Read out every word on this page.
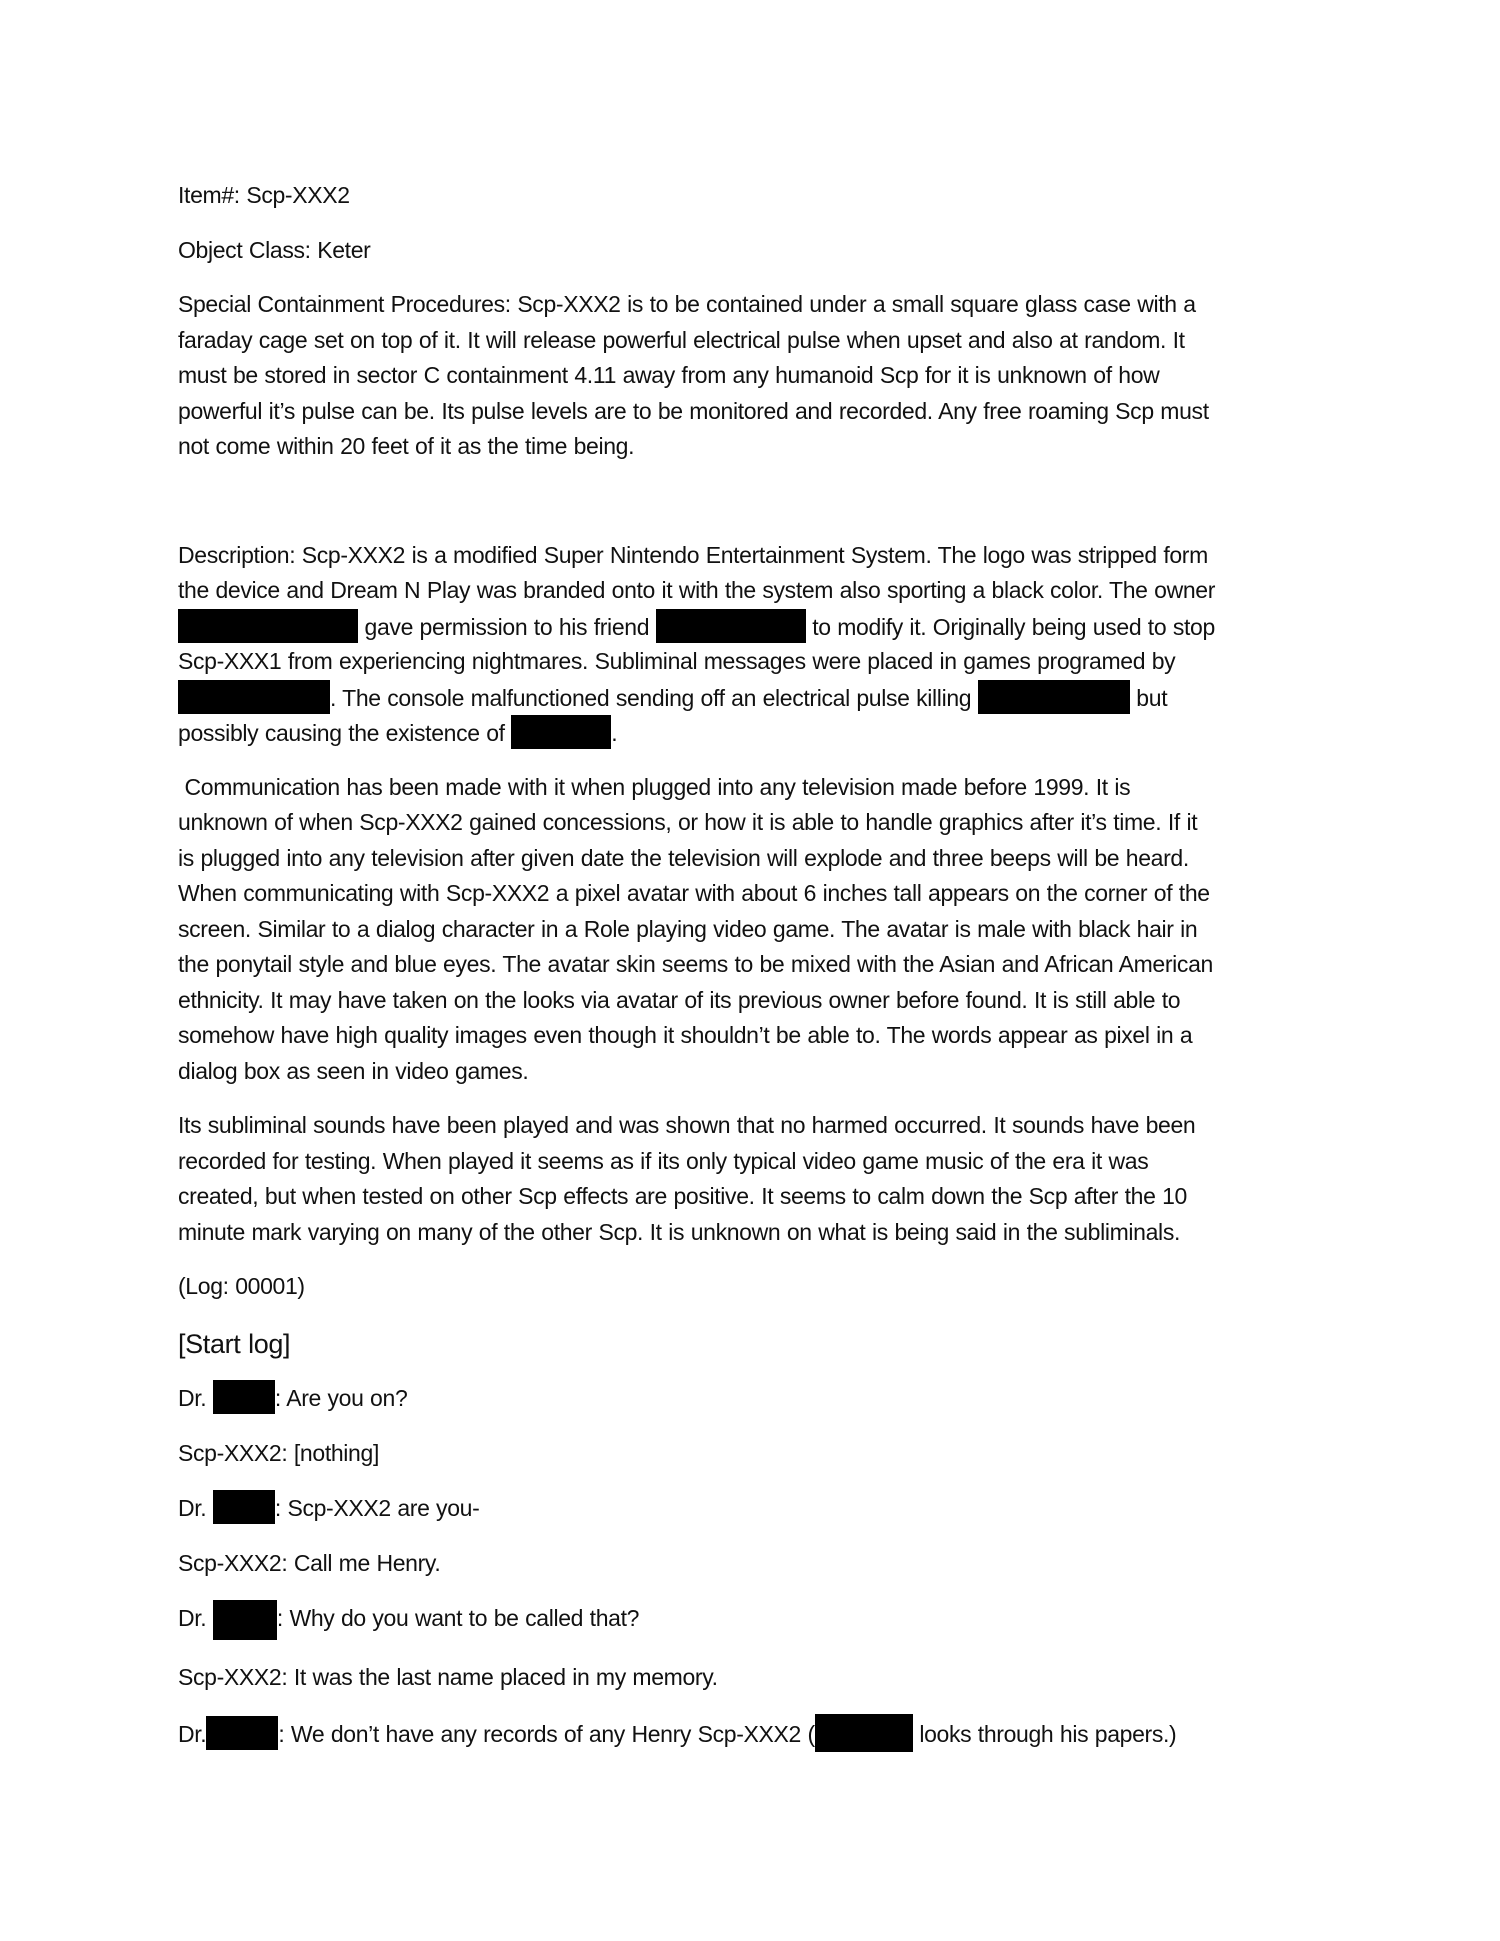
Item#: Scp-XXX2

Object Class: Keter

Special Containment Procedures: Scp-XXX2 is to be contained under a small square glass case with a
faraday cage set on top of it. It will release powerful electrical pulse when upset and also at random. It
must be stored in sector C containment 4.11 away from any humanoid Scp for it is unknown of how
powerful it’s pulse can be. Its pulse levels are to be monitored and recorded. Any free roaming Scp must
not come within 20 feet of it as the time being.

Description: Scp-XXX2 is a modified Super Nintendo Entertainment System. The logo was stripped form
the device and Dream N Play was branded onto it with the system also sporting a black color. The owner
gave permission to his friend	to modify it. Originally being used to stop
Scp-XXX1 from experiencing nightmares. Subliminal messages were placed in games programed by
. The console malfunctioned sending off an electrical pulse killing	but
possibly causing the existence of	.

Communication has been made with it when plugged into any television made before 1999. It is
unknown of when Scp-XXX2 gained concessions, or how it is able to handle graphics after it’s time. If it
is plugged into any television after given date the television will explode and three beeps will be heard.
When communicating with Scp-XXX2 a pixel avatar with about 6 inches tall appears on the corner of the
screen. Similar to a dialog character in a Role playing video game. The avatar is male with black hair in
the ponytail style and blue eyes. The avatar skin seems to be mixed with the Asian and African American
ethnicity. It may have taken on the looks via avatar of its previous owner before found. It is still able to
somehow have high quality images even though it shouldn’t be able to. The words appear as pixel in a
dialog box as seen in video games.

Its subliminal sounds have been played and was shown that no harmed occurred. It sounds have been
recorded for testing. When played it seems as if its only typical video game music of the era it was
created, but when tested on other Scp effects are positive. It seems to calm down the Scp after the 10
minute mark varying on many of the other Scp. It is unknown on what is being said in the subliminals.

(Log: 00001)

[Start log]

Dr.	: Are you on?

Scp-XXX2: [nothing]

Dr.	: Scp-XXX2 are you-

Scp-XXX2: Call me Henry.

Dr.	: Why do you want to be called that?

Scp-XXX2: It was the last name placed in my memory.

Dr.	: We don’t have any records of any Henry Scp-XXX2 (	looks through his papers.)
